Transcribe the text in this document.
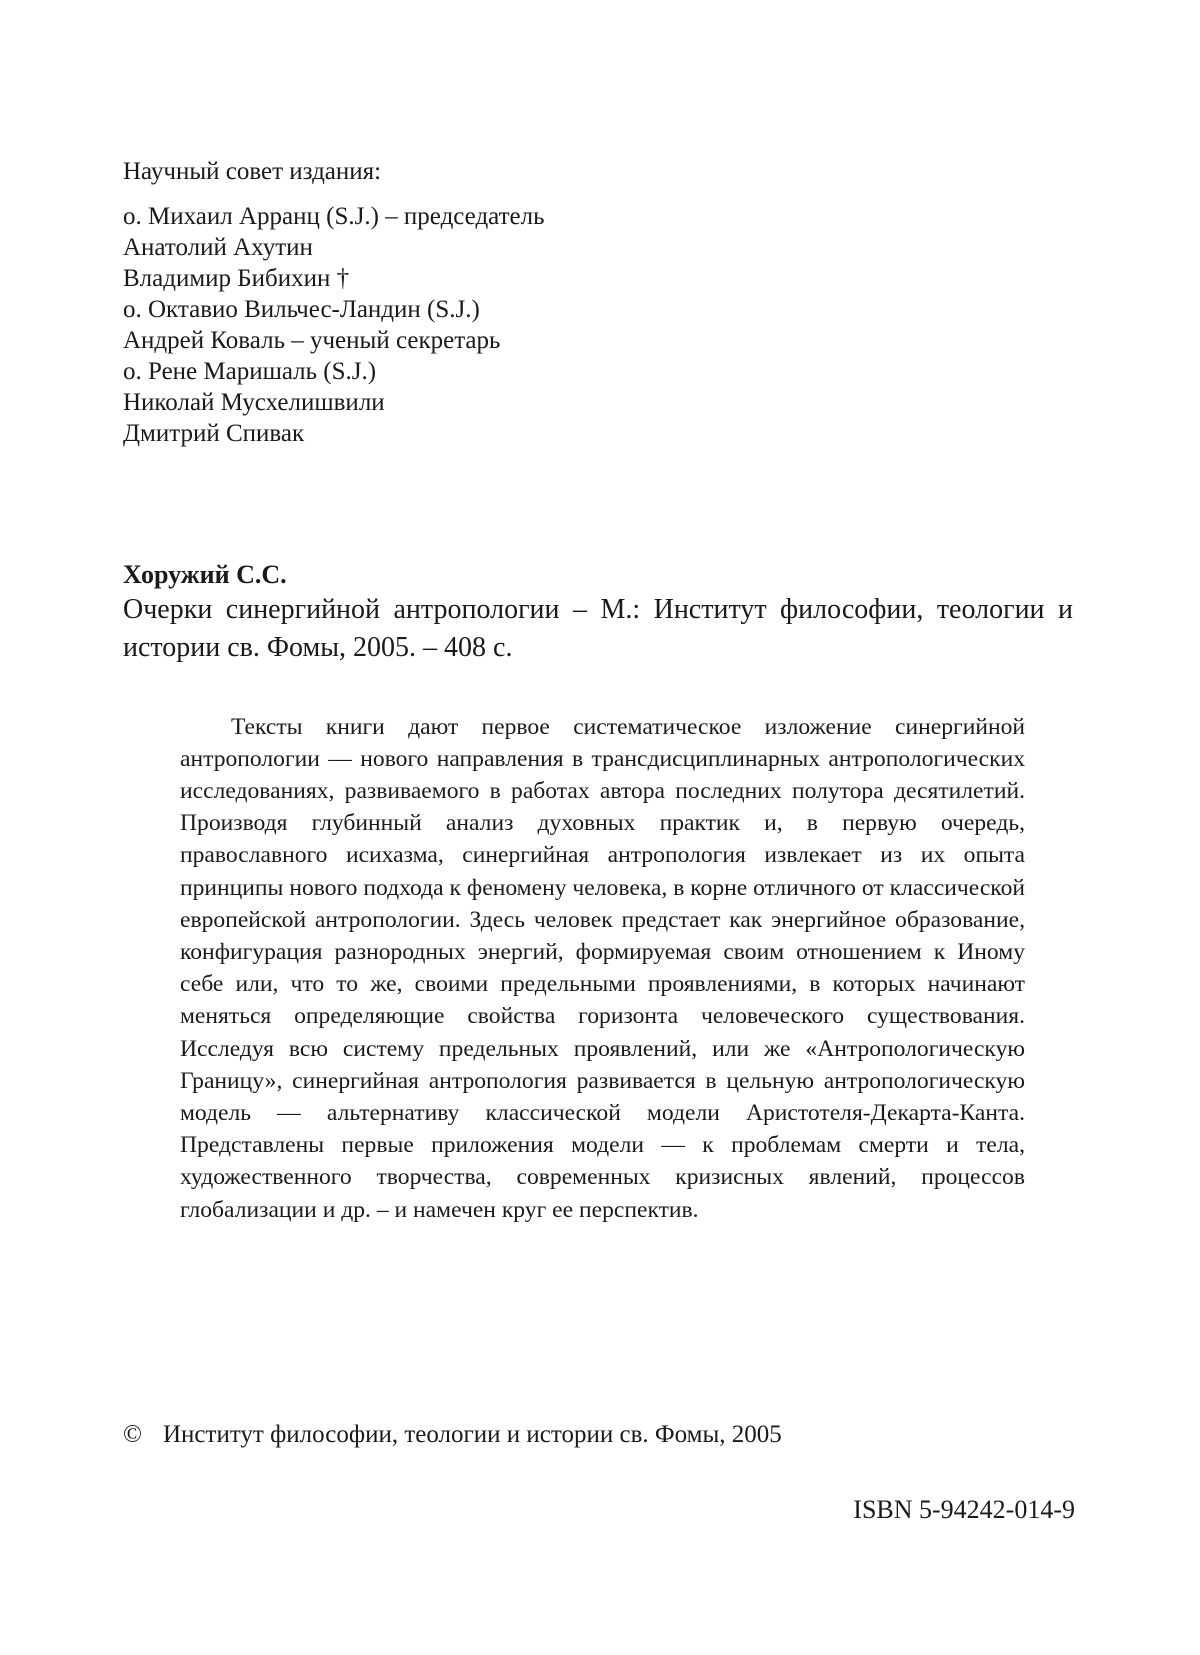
Научный совет издания:
о. Михаил Арранц (S.J.) – председатель
Анатолий Ахутин
Владимир Бибихин †
о. Октавио Вильчес-Ландин (S.J.)
Андрей Коваль – ученый секретарь
о. Рене Маришаль (S.J.)
Николай Мусхелишвили
Дмитрий Спивак
Хоружий С.С.
Очерки синергийной антропологии – М.: Институт философии, теологии и истории св. Фомы, 2005. – 408 с.

Тексты книги дают первое систематическое изложение синергийной антропологии — нового направления в трансдисциплинарных антропологических исследованиях, развиваемого в работах автора последних полутора десятилетий. Производя глубинный анализ духовных практик и, в первую очередь, православного исихазма, синергийная антропология извлекает из их опыта принципы нового подхода к феномену человека, в корне отличного от классической европейской антропологии. Здесь человек предстает как энергийное образование, конфигурация разнородных энергий, формируемая своим отношением к Иному себе или, что то же, своими предельными проявлениями, в которых начинают меняться определяющие свойства горизонта человеческого существования. Исследуя всю систему предельных проявлений, или же «Антропологическую Границу», синергийная антропология развивается в цельную антропологическую модель — альтернативу классической модели Аристотеля-Декарта-Канта. Представлены первые приложения модели — к проблемам смерти и тела, художественного творчества, современных кризисных явлений, процессов глобализации и др. – и намечен круг ее перспектив.

© Институт философии, теологии и истории св. Фомы, 2005
ISBN 5-94242-014-9
